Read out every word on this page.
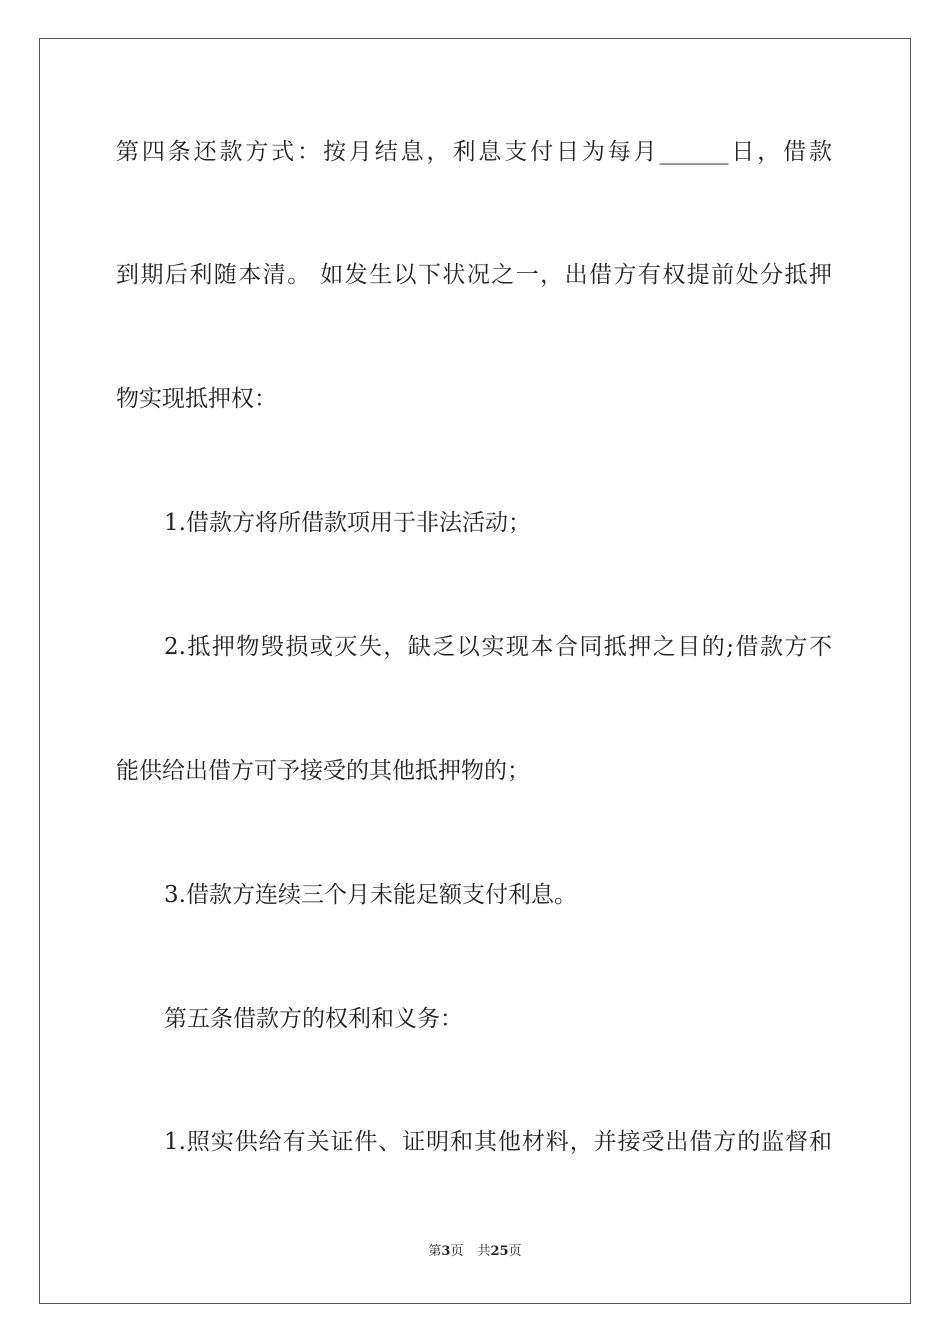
第四条还款方式：按月结息，利息支付日为每月______日，借款
到期后利随本清。 如发生以下状况之一，出借方有权提前处分抵押
物实现抵押权：
1.借款方将所借款项用于非法活动；
2.抵押物毁损或灭失，缺乏以实现本合同抵押之目的;借款方不
能供给出借方可予接受的其他抵押物的；
3.借款方连续三个月未能足额支付利息。
第五条借款方的权利和义务：
1.照实供给有关证件、证明和其他材料，并接受出借方的监督和
第3页 共25页
